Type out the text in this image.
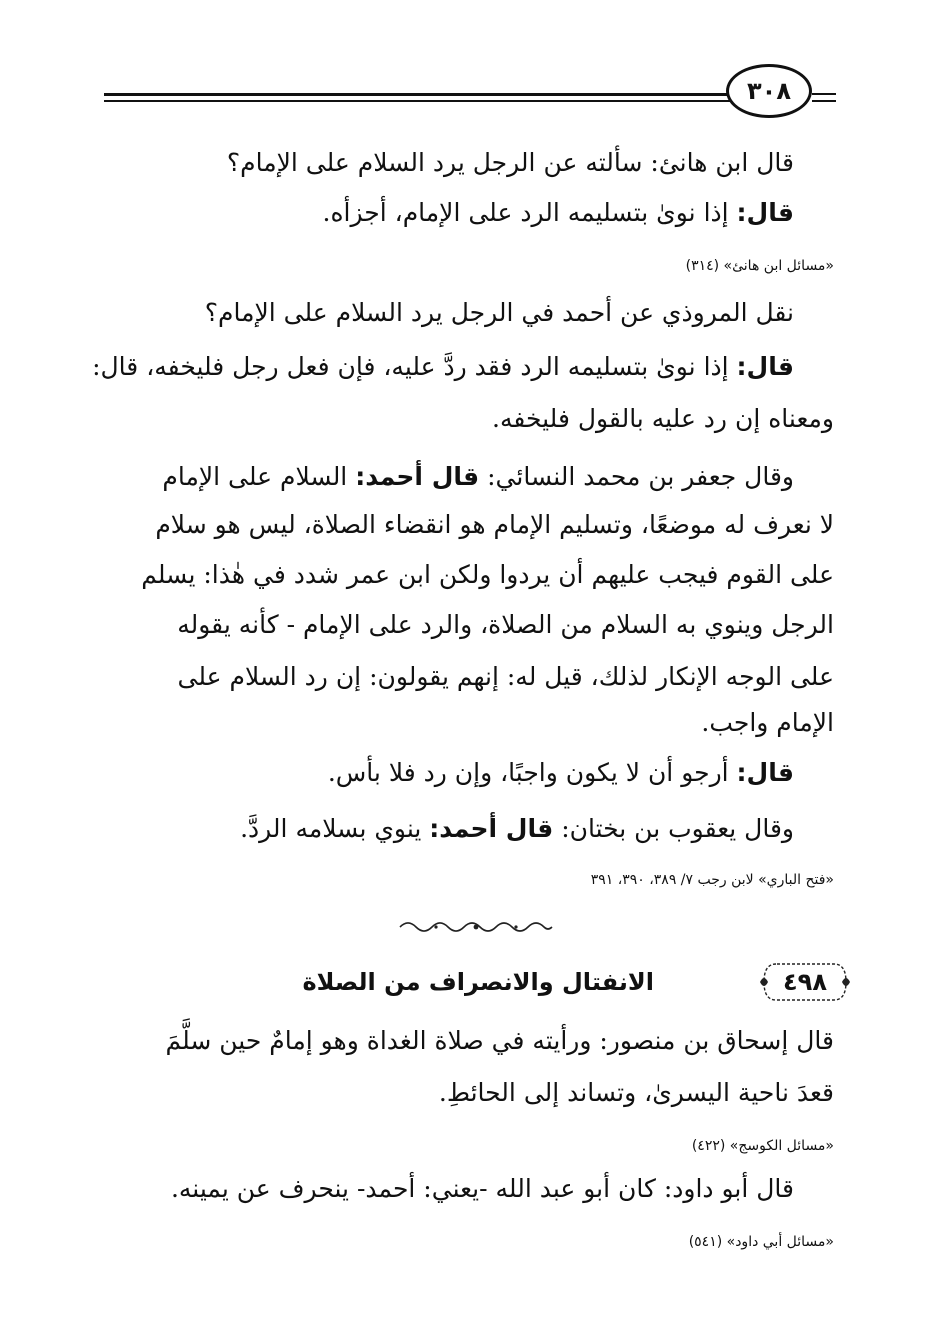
٣٠٨
قال ابن هانئ: سألته عن الرجل يرد السلام على الإمام؟
قال: إذا نوىٰ بتسليمه الرد على الإمام، أجزأه.
«مسائل ابن هانئ» (٣١٤)
نقل المروذي عن أحمد في الرجل يرد السلام على الإمام؟
قال: إذا نوىٰ بتسليمه الرد فقد ردَّ عليه، فإن فعل رجل فليخفه، قال:
ومعناه إن رد عليه بالقول فليخفه.
وقال جعفر بن محمد النسائي: قال أحمد: السلام على الإمام
لا نعرف له موضعًا، وتسليم الإمام هو انقضاء الصلاة، ليس هو سلام
على القوم فيجب عليهم أن يردوا ولكن ابن عمر شدد في هٰذا: يسلم
الرجل وينوي به السلام من الصلاة، والرد على الإمام - كأنه يقوله
على الوجه الإنكار لذلك، قيل له: إنهم يقولون: إن رد السلام على
الإمام واجب.
قال: أرجو أن لا يكون واجبًا، وإن رد فلا بأس.
وقال يعقوب بن بختان: قال أحمد: ينوي بسلامه الردَّ.
«فتح الباري» لابن رجب ٧/ ٣٨٩، ٣٩٠، ٣٩١
٤٩٨
الانفتال والانصراف من الصلاة
قال إسحاق بن منصور: ورأيته في صلاة الغداة وهو إمامٌ حين سلَّمَ
قعدَ ناحية اليسرىٰ، وتساند إلى الحائطِ.
«مسائل الكوسج» (٤٢٢)
قال أبو داود: كان أبو عبد الله -يعني: أحمد- ينحرف عن يمينه.
«مسائل أبي داود» (٥٤١)
